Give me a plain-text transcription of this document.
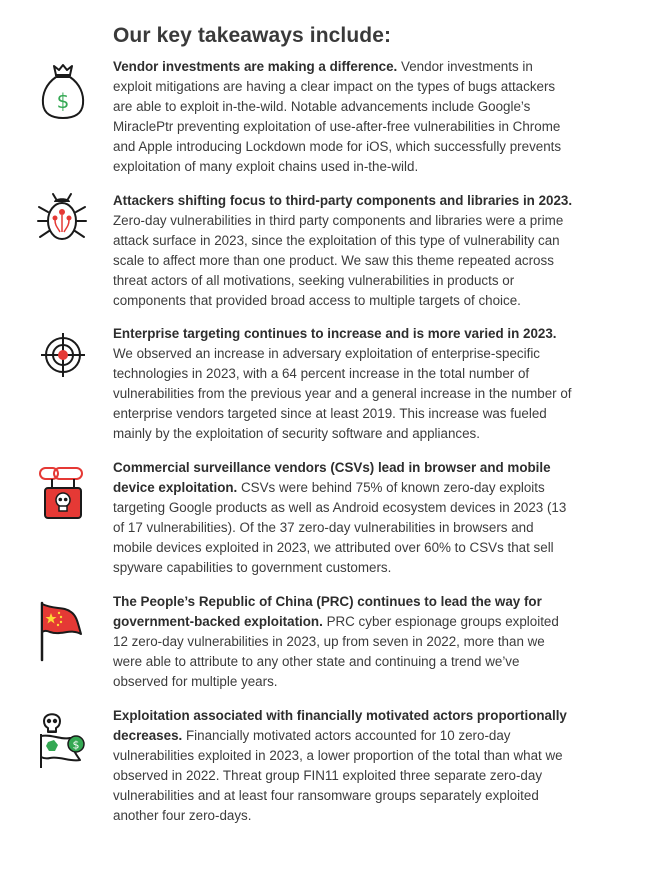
Our key takeaways include:
$
$

Vendor investments are making a difference. Vendor investments in exploit mitigations are having a clear impact on the types of bugs attackers are able to exploit in-the-wild. Notable advancements include Google’s MiraclePtr preventing exploitation of use-after-free vulnerabilities in Chrome and Apple introducing Lockdown mode for iOS, which successfully prevents exploitation of many exploit chains used in-the-wild.

Attackers shifting focus to third-party components and libraries in 2023. Zero-day vulnerabilities in third party components and libraries were a prime attack surface in 2023, since the exploitation of this type of vulnerability can scale to affect more than one product. We saw this theme repeated across threat actors of all motivations, seeking vulnerabilities in products or components that provided broad access to multiple targets of choice.

Enterprise targeting continues to increase and is more varied in 2023. We observed an increase in adversary exploitation of enterprise-specific technologies in 2023, with a 64 percent increase in the total number of vulnerabilities from the previous year and a general increase in the number of enterprise vendors targeted since at least 2019. This increase was fueled mainly by the exploitation of security software and appliances.

Commercial surveillance vendors (CSVs) lead in browser and mobile device exploitation. CSVs were behind 75% of known zero-day exploits targeting Google products as well as Android ecosystem devices in 2023 (13 of 17 vulnerabilities). Of the 37 zero-day vulnerabilities in browsers and mobile devices exploited in 2023, we attributed over 60% to CSVs that sell spyware capabilities to government customers.

The People’s Republic of China (PRC) continues to lead the way for government-backed exploitation. PRC cyber espionage groups exploited 12 zero-day vulnerabilities in 2023, up from seven in 2022, more than we were able to attribute to any other state and continuing a trend we’ve observed for multiple years.

Exploitation associated with financially motivated actors proportionally decreases. Financially motivated actors accounted for 10 zero-day vulnerabilities exploited in 2023, a lower proportion of the total than what we observed in 2022. Threat group FIN11 exploited three separate zero-day vulnerabilities and at least four ransomware groups separately exploited another four zero-days.
